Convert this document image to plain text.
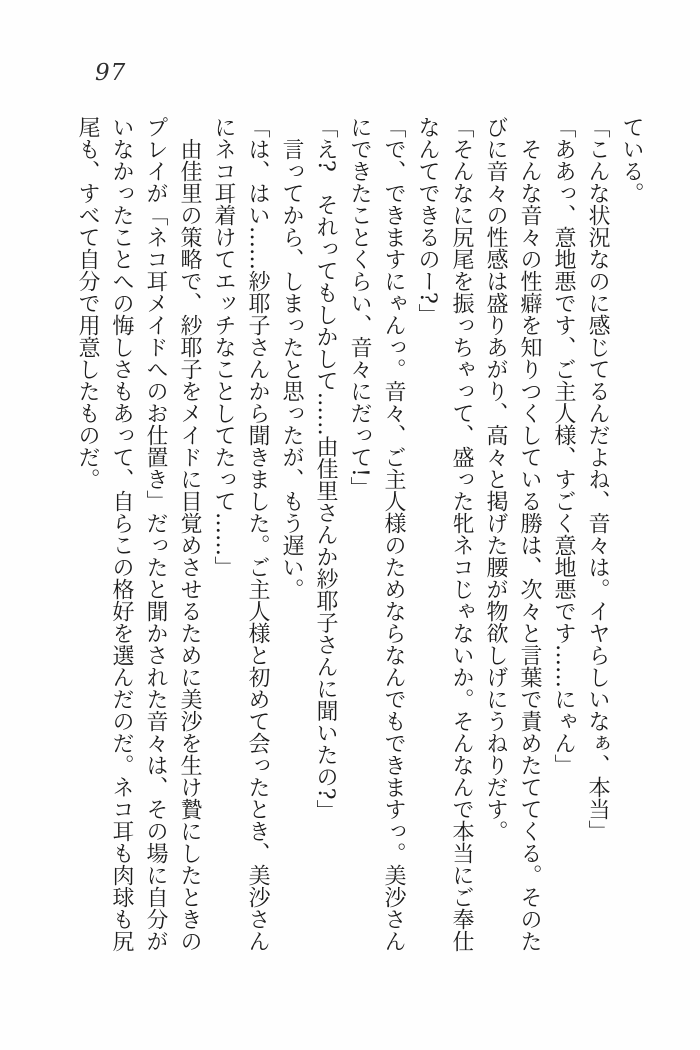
97
ている。
「こんな状況なのに感じてるんだよね、音々は。イヤらしいなぁ、本当」
「ああっ、意地悪です、ご主人様、すごく意地悪です……にゃん」
　そんな音々の性癖を知りつくしている勝は、次々と言葉で責めたててくる。そのた
びに音々の性感は盛りあがり、高々と掲げた腰が物欲しげにうねりだす。
「そんなに尻尾を振っちゃって、盛った牝ネコじゃないか。そんなんで本当にご奉仕
なんてできるのー?」
「で、できますにゃんっ。音々、ご主人様のためならなんでもできますっ。美沙さん
にできたことくらい、音々にだって!」
「え?　それってもしかして……由佳里さんか紗耶子さんに聞いたの?」
　言ってから、しまったと思ったが、もう遅い。
「は、はい……紗耶子さんから聞きました。ご主人様と初めて会ったとき、美沙さん
にネコ耳着けてエッチなことしてたって……」
　由佳里の策略で、紗耶子をメイドに目覚めさせるために美沙を生け贄にしたときの
プレイが「ネコ耳メイドへのお仕置き」だったと聞かされた音々は、その場に自分が
いなかったことへの悔しさもあって、自らこの格好を選んだのだ。ネコ耳も肉球も尻
尾も、すべて自分で用意したものだ。
